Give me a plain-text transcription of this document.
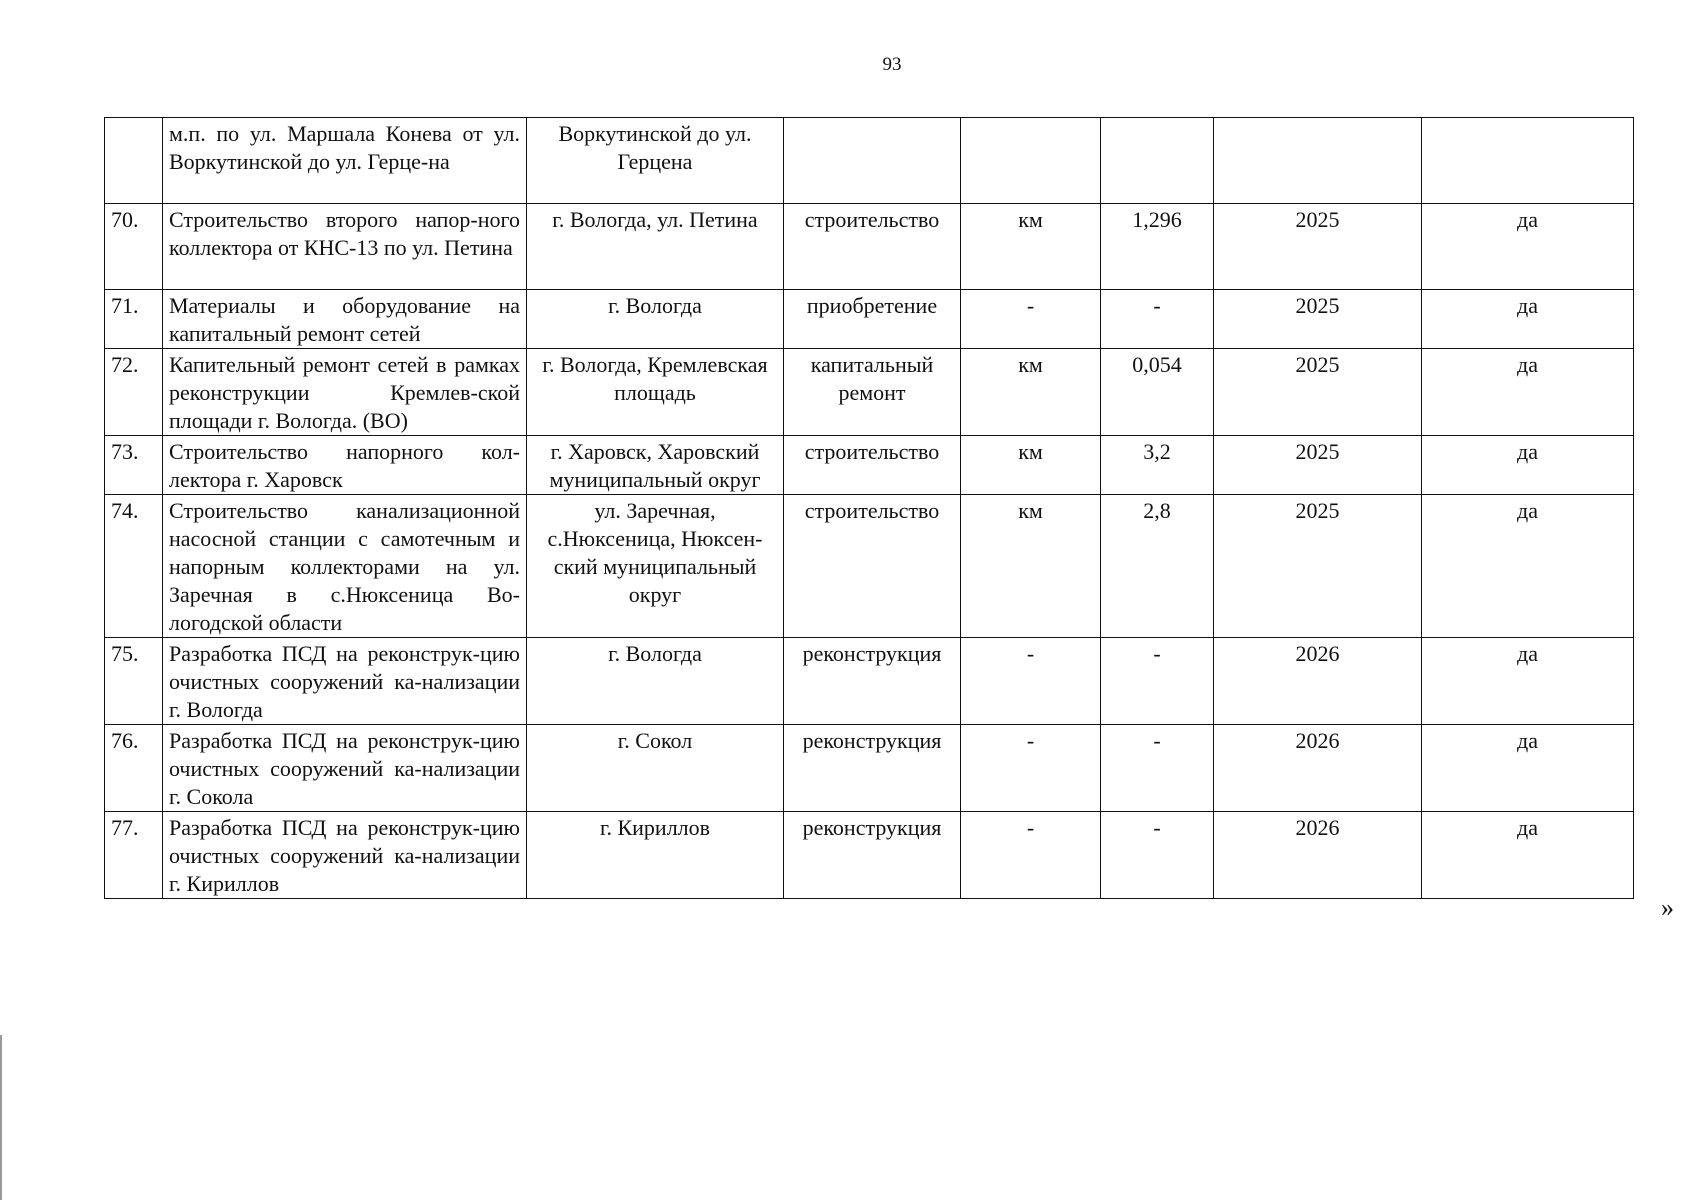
93
	м.п. по ул. Маршала Конева от ул. Воркутинской до ул. Герце-на	Воркутинской до ул. Герцена					
70.	Строительство второго напор-ного коллектора от КНС-13 по ул. Петина	г. Вологда, ул. Петина	строительство	км	1,296	2025	да
71.	Материалы и оборудование на капитальный ремонт сетей	г. Вологда	приобретение	-	-	2025	да
72.	Капительный ремонт сетей в рамках реконструкции Кремлев-ской площади г. Вологда. (ВО)	г. Вологда, Кремлевская площадь	капитальный ремонт	км	0,054	2025	да
73.	Строительство напорного кол-лектора г. Харовск	г. Харовск, Харовский муниципальный округ	строительство	км	3,2	2025	да
74.	Строительство канализационной насосной станции с самотечным и напорным коллекторами на ул. Заречная в с.Нюксеница Во-логодской области	ул. Заречная, с.Нюксеница, Нюксен-ский муниципальный округ	строительство	км	2,8	2025	да
75.	Разработка ПСД на реконструк-цию очистных сооружений ка-нализации г. Вологда	г. Вологда	реконструкция	-	-	2026	да
76.	Разработка ПСД на реконструк-цию очистных сооружений ка-нализации г. Сокола	г. Сокол	реконструкция	-	-	2026	да
77.	Разработка ПСД на реконструк-цию очистных сооружений ка-нализации г. Кириллов	г. Кириллов	реконструкция	-	-	2026	да
»
